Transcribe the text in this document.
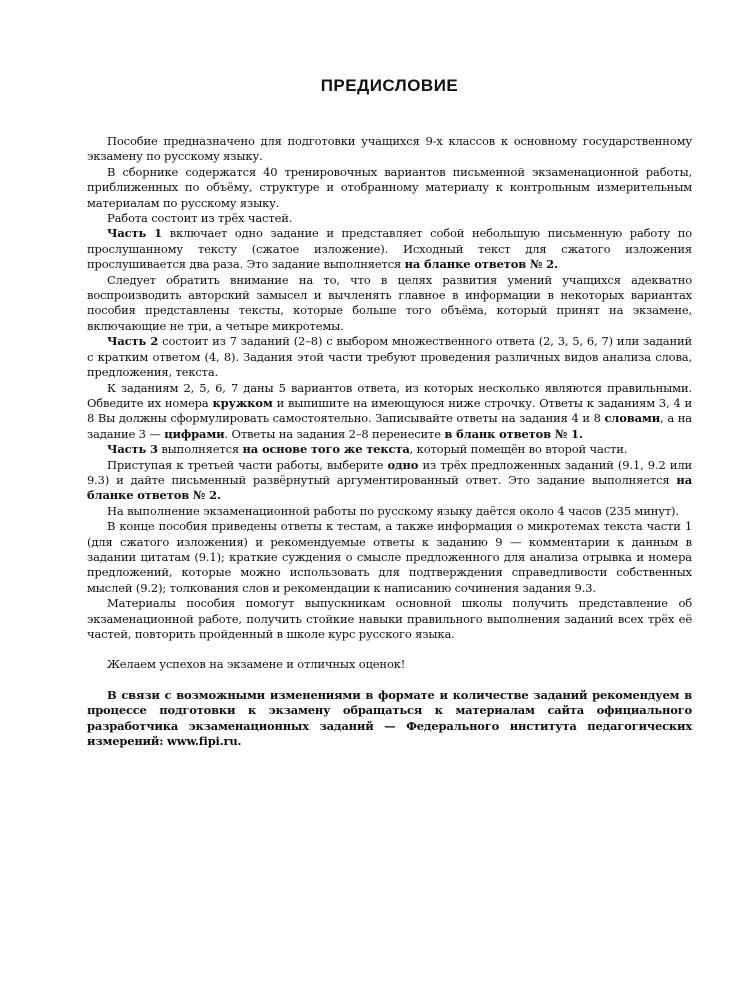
ПРЕДИСЛОВИЕ

Пособие предназначено для подготовки учащихся 9-х классов к основному государственному экзамену по русскому языку.

В сборнике содержатся 40 тренировочных вариантов письменной экзаменационной работы, приближенных по объёму, структуре и отобранному материалу к контрольным измерительным материалам по русскому языку.

Работа состоит из трёх частей.

Часть 1 включает одно задание и представляет собой небольшую письменную работу по прослушанному тексту (сжатое изложение). Исходный текст для сжатого изложения прослушивается два раза. Это задание выполняется на бланке ответов № 2.

Следует обратить внимание на то, что в целях развития умений учащихся адекватно воспроизводить авторский замысел и вычленять главное в информации в некоторых вариантах пособия представлены тексты, которые больше того объёма, который принят на экзамене, включающие не три, а четыре микротемы.

Часть 2 состоит из 7 заданий (2–8) с выбором множественного ответа (2, 3, 5, 6, 7) или заданий с кратким ответом (4, 8). Задания этой части требуют проведения различных видов анализа слова, предложения, текста.

К заданиям 2, 5, 6, 7 даны 5 вариантов ответа, из которых несколько являются правильными. Обведите их номера кружком и выпишите на имеющуюся ниже строчку. Ответы к заданиям 3, 4 и 8 Вы должны сформулировать самостоятельно. Записывайте ответы на задания 4 и 8 словами, а на задание 3 — цифрами. Ответы на задания 2–8 перенесите в бланк ответов № 1.

Часть 3 выполняется на основе того же текста, который помещён во второй части.

Приступая к третьей части работы, выберите одно из трёх предложенных заданий (9.1, 9.2 или 9.3) и дайте письменный развёрнутый аргументированный ответ. Это задание выполняется на бланке ответов № 2.

На выполнение экзаменационной работы по русскому языку даётся около 4 часов (235 минут).

В конце пособия приведены ответы к тестам, а также информация о микротемах текста части 1 (для сжатого изложения) и рекомендуемые ответы к заданию 9 — комментарии к данным в задании цитатам (9.1); краткие суждения о смысле предложенного для анализа отрывка и номера предложений, которые можно использовать для подтверждения справедливости собственных мыслей (9.2); толкования слов и рекомендации к написанию сочинения задания 9.3.

Материалы пособия помогут выпускникам основной школы получить представление об экзаменационной работе, получить стойкие навыки правильного выполнения заданий всех трёх её частей, повторить пройденный в школе курс русского языка.

Желаем успехов на экзамене и отличных оценок!

В связи с возможными изменениями в формате и количестве заданий рекомендуем в процессе подготовки к экзамену обращаться к материалам сайта официального разработчика экзаменационных заданий — Федерального института педагогических измерений: www.fipi.ru.
